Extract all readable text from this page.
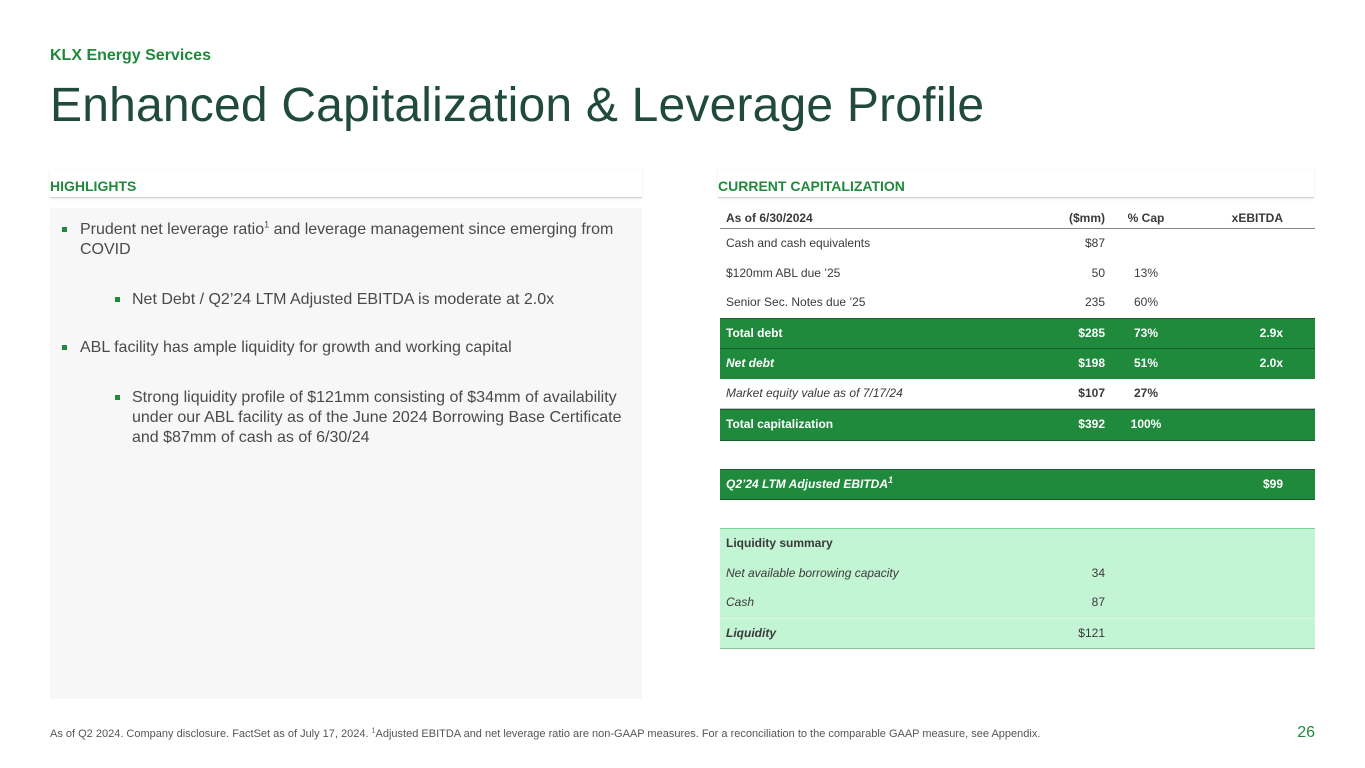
KLX Energy Services
Enhanced Capitalization & Leverage Profile
HIGHLIGHTS
Prudent net leverage ratio$^1$ and leverage management since emerging from COVID
Net Debt / Q2’24 LTM Adjusted EBITDA is moderate at 2.0x
ABL facility has ample liquidity for growth and working capital
Strong liquidity profile of $121mm consisting of $34mm of availability under our ABL facility as of the June 2024 Borrowing Base Certificate and $87mm of cash as of 6/30/24
CURRENT CAPITALIZATION
As of 6/30/2024	($mm)	% Cap	xEBITDA
Cash and cash equivalents	$87
$120mm ABL due ’25	50	13%
Senior Sec. Notes due ’25	235	60%
Total debt	$285	73%	2.9x
Net debt	$198	51%	2.0x
Market equity value as of 7/17/24	$107	27%
Total capitalization	$392	100%
Q2’24 LTM Adjusted EBITDA$^1$	$99
Liquidity summary
Net available borrowing capacity	34
Cash	87
Liquidity	$121
As of Q2 2024. Company disclosure. FactSet as of July 17, 2024. $^1$Adjusted EBITDA and net leverage ratio are non-GAAP measures. For a reconciliation to the comparable GAAP measure, see Appendix.	26
